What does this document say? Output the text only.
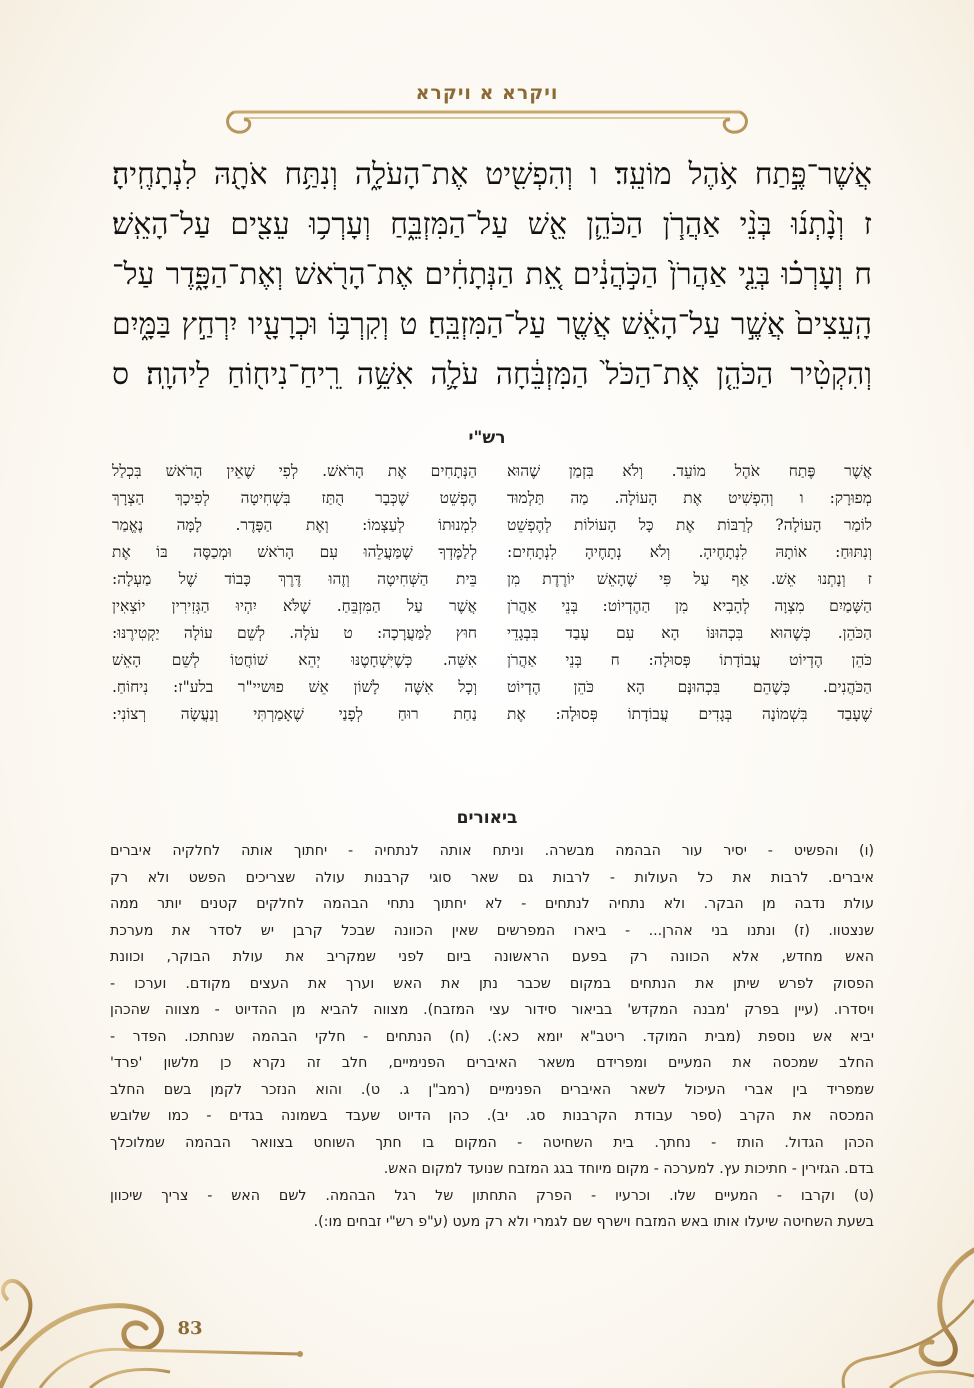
ויקרא א ויקרא
אֲשֶׁר־פֶּ֣תַח אֹ֥הֶל מוֹעֵֽד׃ ו וְהִפְשִׁ֖יט אֶת־הָעֹלָ֑ה וְנִתַּ֥ח אֹתָ֖הּ לִנְתָחֶֽיהָ׃
ז וְנָ֨תְנ֜וּ בְּנֵ֨י אַהֲרֹ֧ן הַכֹּהֵ֛ן אֵ֖שׁ עַל־הַמִּזְבֵּ֑חַ וְעָרְכ֥וּ עֵצִ֖ים עַל־הָאֵֽשׁ׃
ח וְעָרְכ֗וּ בְּנֵ֤י אַהֲרֹן֙ הַכֹּ֣הֲנִ֔ים אֵ֚ת הַנְּתָחִ֔ים אֶת־הָרֹ֖אשׁ וְאֶת־הַפָּ֑דֶר עַל־
הָֽעֵצִים֙ אֲשֶׁ֣ר עַל־הָאֵ֔שׁ אֲשֶׁ֖ר עַל־הַמִּזְבֵּֽחַ׃ ט וְקִרְבּ֥וֹ וּכְרָעָ֖יו יִרְחַ֣ץ בַּמָּ֑יִם
וְהִקְטִ֨יר הַכֹּהֵ֤ן אֶת־הַכֹּל֙ הַמִּזְבֵּ֔חָה עֹלָ֛ה אִשֵּׁ֥ה רֵֽיחַ־נִיח֖וֹחַ לַיהוָֽה׃ ס
רש"י
אֲשֶׁר פֶּתַח אֹהֶל מוֹעֵד. וְלֹא בִּזְמַן שֶׁהוּא
מְפוּרָק: ו וְהִפְשִׁיט אֶת הָעוֹלָה. מַה תַּלְמוּד
לוֹמַר הָעוֹלָה? לְרַבּוֹת אֶת כָּל הָעוֹלוֹת לְהֶפְשֵׁט
וְנִתּוּחַ: אוֹתָהּ לִנְתָחֶיהָ. וְלֹא נְתָחֶיהָ לִנְתָחִים:
ז וְנָתְנוּ אֵשׁ. אַף עַל פִּי שֶׁהָאֵשׁ יוֹרֶדֶת מִן
הַשָּׁמַיִם מִצְוָה לְהָבִיא מִן הַהֶדְיוֹט: בְּנֵי אַהֲרֹן
הַכֹּהֵן. כְּשֶׁהוּא בִּכְהוּנּוֹ הָא עִם עָבַד בִּבְגָדֵי
כֹּהֵן הֶדְיוֹט עֲבוֹדָתוֹ פְּסוּלָה: ח בְּנֵי אַהֲרֹן
הַכֹּהֲנִים. כְּשֶׁהֵם בִּכְהוּנָּם הָא כֹּהֵן הֶדְיוֹט
שֶׁעָבַד בִּשְׁמוֹנָה בְּגָדִים עֲבוֹדָתוֹ פְּסוּלָה: אֶת
הַנְּתָחִים אֶת הָרֹאשׁ. לְפִי שֶׁאֵין הָרֹאשׁ בִּכְלַל
הֶפְשֵׁט שֶׁכְּבָר הֻתַּז בִּשְׁחִיטָה לְפִיכָךְ הַצְרָךְ
לִמְנוּתוֹ לְעַצְמוֹ: וְאֶת הַפָּדֶר. לָמָּה נֶאֱמַר
לְלַמֶּדְךָ שֶׁמַּעֲלֵהוּ עִם הָרֹאשׁ וּמְכַסֶּה בּוֹ אֶת
בֵּית הַשְּׁחִיטָה וְזֶהוּ דֶּרֶךְ כָּבוֹד שֶׁל מַעְלָה:
אֲשֶׁר עַל הַמִּזְבֵּחַ. שֶׁלֹּא יִהְיוּ הַגְּזִירִין יוֹצְאִין
חוּץ לַמַּעֲרָכָה: ט עֹלָה. לְשֵׁם עוֹלָה יַקְטִירֶנּוּ:
אִשֵּׁה. כְּשֶׁיִּשְׁחָטֶנּוּ יְהֵא שׁוֹחֲטוֹ לְשֵׁם הָאֵשׁ
וְכָל אִשֶּׁה לָשׁוֹן אֵשׁ פוּשיי"ר בלע"ז: נִיחוֹחַ.
נַחַת רוּחַ לְפָנַי שֶׁאָמַרְתִּי וְנַעֲשָׂה רְצוֹנִי:
ביאורים
(ו) והפשיט - יסיר עור הבהמה מבשרה. וניתח אותה לנתחיה - יחתוך אותה לחלקיה איברים
איברים. לרבות את כל העולות - לרבות גם שאר סוגי קרבנות עולה שצריכים הפשט ולא רק
עולת נדבה מן הבקר. ולא נתחיה לנתחים - לא יחתוך נתחי הבהמה לחלקים קטנים יותר ממה
שנצטוו. (ז) ונתנו בני אהרן... - ביארו המפרשים שאין הכוונה שבכל קרבן יש לסדר את מערכת
האש מחדש, אלא הכוונה רק בפעם הראשונה ביום לפני שמקריב את עולת הבוקר, וכוונת
הפסוק לפרש שיתן את הנתחים במקום שכבר נתן את האש וערך את העצים מקודם. וערכו -
ויסדרו. (עיין בפרק 'מבנה המקדש' בביאור סידור עצי המזבח). מצווה להביא מן ההדיוט - מצווה שהכהן
יביא אש נוספת (מבית המוקד. ריטב"א יומא כא:). (ח) הנתחים - חלקי הבהמה שנחתכו. הפדר -
החלב שמכסה את המעיים ומפרידם משאר האיברים הפנימיים, חלב זה נקרא כן מלשון 'פרד'
שמפריד בין אברי העיכול לשאר האיברים הפנימיים (רמב"ן ג. ט). והוא הנזכר לקמן בשם החלב
המכסה את הקרב (ספר עבודת הקרבנות סג. יב). כהן הדיוט שעבד בשמונה בגדים - כמו שלובש
הכהן הגדול. הותז - נחתך. בית השחיטה - המקום בו חתך השוחט בצוואר הבהמה שמלוכלך
בדם. הגזירין - חתיכות עץ. למערכה - מקום מיוחד בגג המזבח שנועד למקום האש.
(ט) וקרבו - המעיים שלו. וכרעיו - הפרק התחתון של רגל הבהמה. לשם האש - צריך שיכוון
בשעת השחיטה שיעלו אותו באש המזבח וישרף שם לגמרי ולא רק מעט (ע"פ רש"י זבחים מו:).
83
